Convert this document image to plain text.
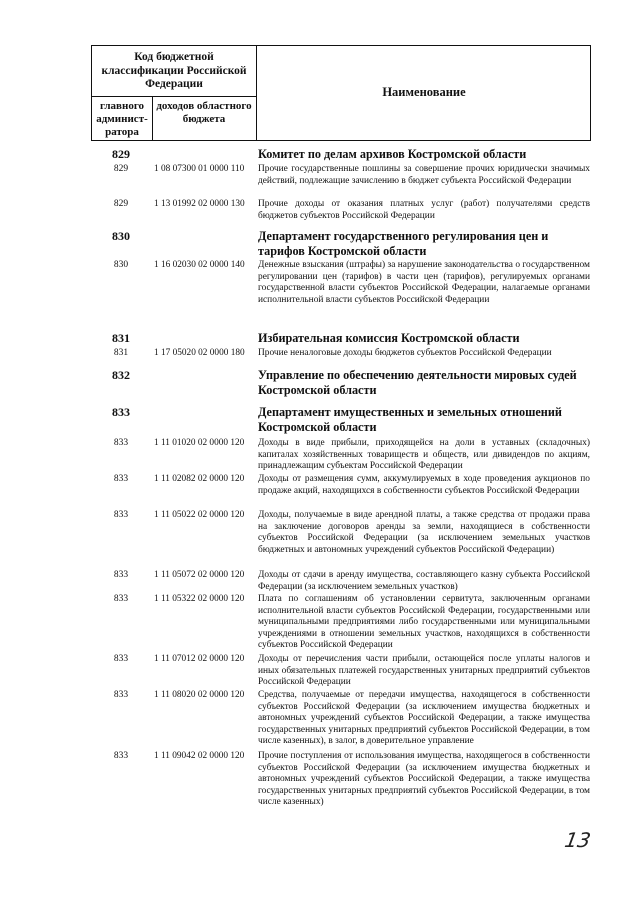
Код бюджетной классификации Российской Федерации
Наименование
главного админист-ратора
доходов областного бюджета
829	Комитет по делам архивов Костромской области
829	1 08 07300 01 0000 110	Прочие государственные пошлины за совершение прочих юридически значимых действий, подлежащие зачислению в бюджет субъекта Российской Федерации
829	1 13 01992 02 0000 130	Прочие доходы от оказания платных услуг (работ) получателями средств бюджетов субъектов Российской Федерации
830	Департамент государственного регулирования цен и тарифов Костромской области
830	1 16 02030 02 0000 140	Денежные взыскания (штрафы) за нарушение законодательства о государственном регулировании цен (тарифов) в части цен (тарифов), регулируемых органами государственной власти субъектов Российской Федерации, налагаемые органами исполнительной власти субъектов Российской Федерации
831	Избирательная комиссия Костромской области
831	1 17 05020 02 0000 180	Прочие неналоговые доходы бюджетов субъектов Российской Федерации
832	Управление по обеспечению деятельности мировых судей Костромской области
833	Департамент имущественных и земельных отношений Костромской области
833	1 11 01020 02 0000 120	Доходы в виде прибыли, приходящейся на доли в уставных (складочных) капиталах хозяйственных товариществ и обществ, или дивидендов по акциям, принадлежащим субъектам Российской Федерации
833	1 11 02082 02 0000 120	Доходы от размещения сумм, аккумулируемых в ходе проведения аукционов по продаже акций, находящихся в собственности субъектов Российской Федерации
833	1 11 05022 02 0000 120	Доходы, получаемые в виде арендной платы, а также средства от продажи права на заключение договоров аренды за земли, находящиеся в собственности субъектов Российской Федерации (за исключением земельных участков бюджетных и автономных учреждений субъектов Российской Федерации)
833	1 11 05072 02 0000 120	Доходы от сдачи в аренду имущества, составляющего казну субъекта Российской Федерации (за исключением земельных участков)
833	1 11 05322 02 0000 120	Плата по соглашениям об установлении сервитута, заключенным органами исполнительной власти субъектов Российской Федерации, государственными или муниципальными предприятиями либо государственными или муниципальными учреждениями в отношении земельных участков, находящихся в собственности субъектов Российской Федерации
833	1 11 07012 02 0000 120	Доходы от перечисления части прибыли, остающейся после уплаты налогов и иных обязательных платежей государственных унитарных предприятий субъектов Российской Федерации
833	1 11 08020 02 0000 120	Средства, получаемые от передачи имущества, находящегося в собственности субъектов Российской Федерации (за исключением имущества бюджетных и автономных учреждений субъектов Российской Федерации, а также имущества государственных унитарных предприятий субъектов Российской Федерации, в том числе казенных), в залог, в доверительное управление
833	1 11 09042 02 0000 120	Прочие поступления от использования имущества, находящегося в собственности субъектов Российской Федерации (за исключением имущества бюджетных и автономных учреждений субъектов Российской Федерации, а также имущества государственных унитарных предприятий субъектов Российской Федерации, в том числе казенных)
13
